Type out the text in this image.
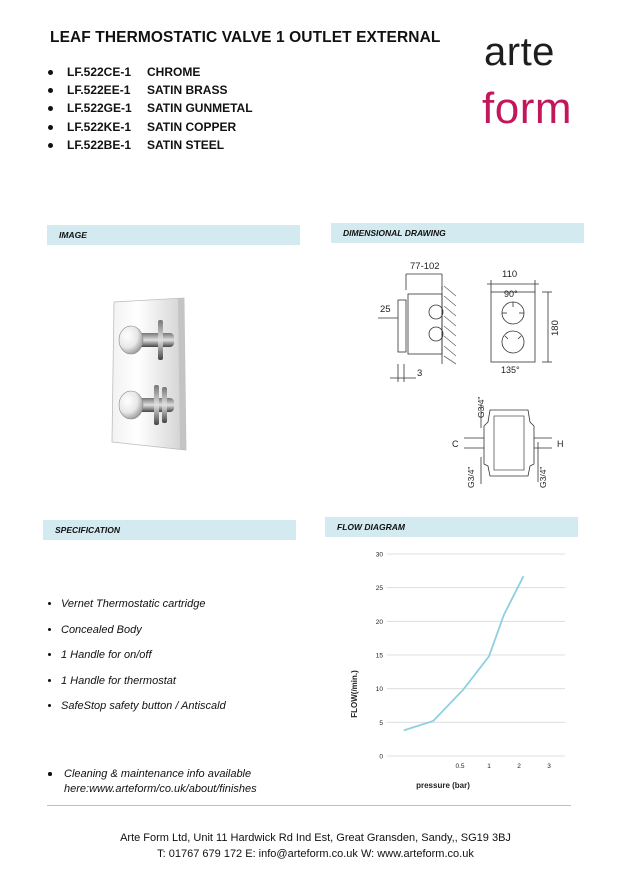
LEAF THERMOSTATIC VALVE 1 OUTLET EXTERNAL
LF.522CE-1 CHROME
LF.522EE-1 SATIN BRASS
LF.522GE-1 SATIN GUNMETAL
LF.522KE-1 SATIN COPPER
LF.522BE-1 SATIN STEEL
arte
form
IMAGE	DIMENSIONAL DRAWING
SPECIFICATION	FLOW DIAGRAM
77-102
110
90°
180
135°
25
3
G3/4"
G3/4"	G3/4"
C	H
Vernet Thermostatic cartridge
Concealed Body
1 Handle for on/off
1 Handle for thermostat
SafeStop safety button / Antiscald
Cleaning & maintenance info available
here:www.arteform/co.uk/about/finishes
0
5
10
15
20
25
30
0.5	1	2	3
FLOW(/min.)
pressure (bar)
Arte Form Ltd, Unit 11 Hardwick Rd Ind Est, Great Gransden, Sandy,, SG19 3BJ
T: 01767 679 172 E: info@arteform.co.uk W: www.arteform.co.uk
